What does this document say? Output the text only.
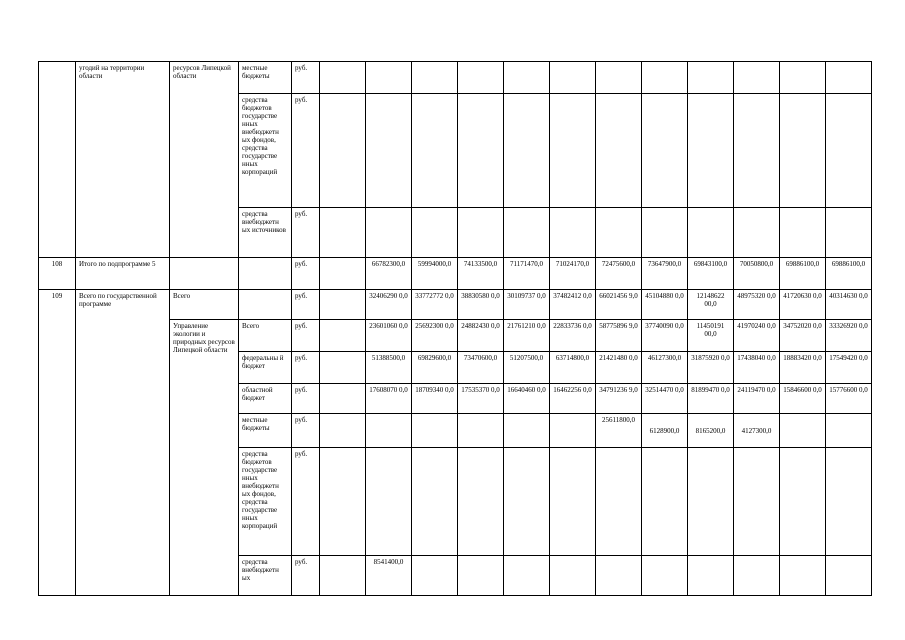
	угодий на территории области	ресурсов Липецкой области	местные бюджеты	руб.												
			средства бюджетов государстве нных внебюджетн ых фондов, средства государстве нных корпораций	руб.												
			средства внебюджетн ых источников	руб.												
108	Итого по подпрограмме 5			руб.		66782300,0	59994000,0	74133500,0	71171470,0	71024170,0	72475600,0	73647900,0	69843100,0	70050800,0	69886100,0	69886100,0
109	Всего по государственной программе	Всего		руб.		32406290 0,0	33772772 0,0	38830580 0,0	30109737 0,0	37482412 0,0	66021456 9,0	45104880 0,0	12148622 00,0	48975320 0,0	41720630 0,0	40314630 0,0
		Управление экологии и природных ресурсов Липецкой области	Всего	руб.		23601060 0,0	25692300 0,0	24882430 0,0	21761210 0,0	22833736 0,0	58775896 9,0	37740090 0,0	11450191 00,0	41970240 0,0	34752020 0,0	33326920 0,0
			федеральны й бюджет	руб.		51388500,0	69829600,0	73470600,0	51207500,0	63714800,0	21421480 0,0	46127300,0	31875920 0,0	17438040 0,0	18883420 0,0	17549420 0,0
			областной бюджет	руб.		17608070 0,0	18709340 0,0	17535370 0,0	16640460 0,0	16462256 0,0	34791236 9,0	32514470 0,0	81899470 0,0	24119470 0,0	15846600 0,0	15776600 0,0
			местные бюджеты	руб.							25611800,0	6128900,0	8165200,0	4127300,0		
			средства бюджетов государстве нных внебюджетн ых фондов, средства государстве нных корпораций	руб.												
			средства внебюджетн ых	руб.		8541400,0										
